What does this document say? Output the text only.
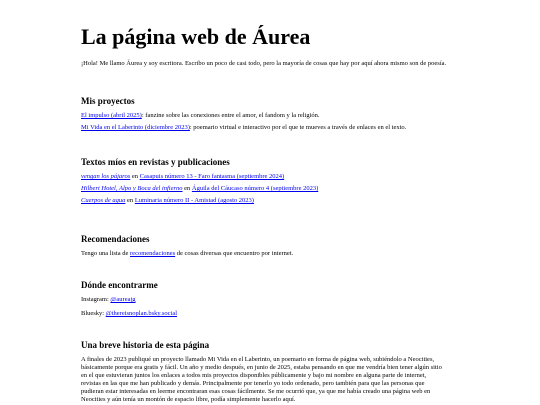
La página web de Áurea

¡Hola! Me llamo Áurea y soy escritora. Escribo un poco de casi todo, pero la mayoría de cosas que hay por aquí ahora mismo son de poesía.

Mis proyectos

El impulso (abril 2025): fanzine sobre las conexiones entre el amor, el fandom y la religión.

Mi Vida en el Laberinto (diciembre 2023): poemario virtual e interactivo por el que te mueves a través de enlaces en el texto.

Textos míos en revistas y publicaciones

vengan los pájaros en Casapuis número 13 - Faro fantasma (septiembre 2024)

Hilbert Hotel, Alpo y Boca del infierno en Águila del Cáucaso número 4 (septiembre 2023)

Cuerpos de agua en Luminaria número II - Amistad (agosto 2023)

Recomendaciones

Tengo una lista de recomendaciones de cosas diversas que encuentro por internet.

Dónde encontrarme

Instagram: @aureajg

Bluesky: @thereisnoplan.bsky.social

Una breve historia de esta página

A finales de 2023 publiqué un proyecto llamado Mi Vida en el Laberinto, un poemario en forma de página web, subiéndolo a Neocities,

básicamente porque era gratis y fácil. Un año y medio después, en junio de 2025, estaba pensando en que me vendría bien tener algún sitio

en el que estuvieran juntos los enlaces a todos mis proyectos disponibles públicamente y bajo mi nombre en alguna parte de internet,

revistas en las que me han publicado y demás. Principalmente por tenerlo yo todo ordenado, pero también para que las personas que

pudieran estar interesadas en leerme encontraran esas cosas fácilmente. Se me ocurrió que, ya que me había creado una página web en

Neocities y aún tenía un montón de espacio libre, podía simplemente hacerlo aquí.
